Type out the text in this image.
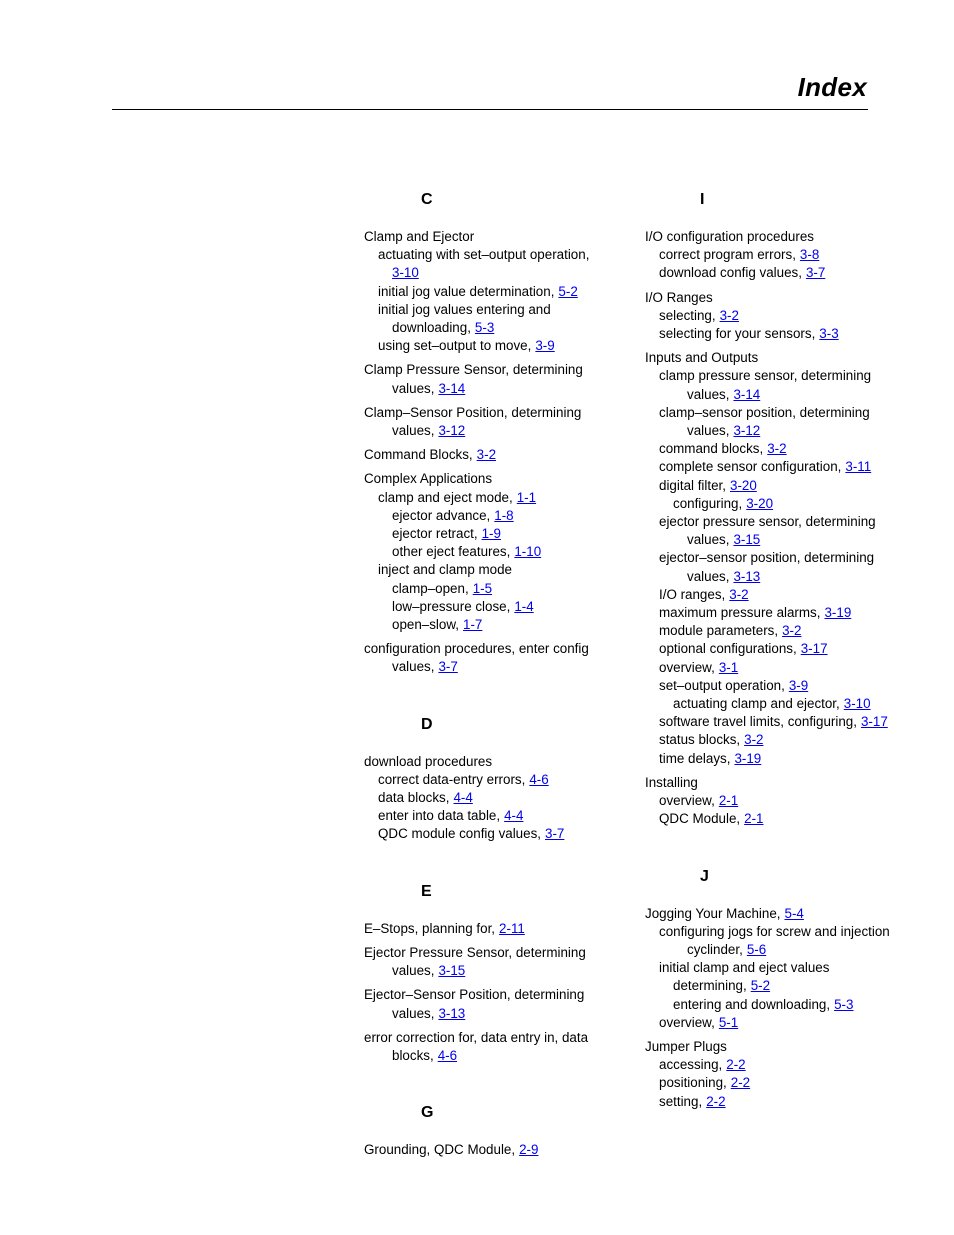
Index
C
Clamp and Ejector
actuating with set–output operation,
3-10
initial jog value determination, 5-2
initial jog values entering and
downloading, 5-3
using set–output to move, 3-9
Clamp Pressure Sensor, determining
values, 3-14
Clamp–Sensor Position, determining
values, 3-12
Command Blocks, 3-2
Complex Applications
clamp and eject mode, 1-1
ejector advance, 1-8
ejector retract, 1-9
other eject features, 1-10
inject and clamp mode
clamp–open, 1-5
low–pressure close, 1-4
open–slow, 1-7
configuration procedures, enter config
values, 3-7
D
download procedures
correct data-entry errors, 4-6
data blocks, 4-4
enter into data table, 4-4
QDC module config values, 3-7
E
E–Stops, planning for, 2-11
Ejector Pressure Sensor, determining
values, 3-15
Ejector–Sensor Position, determining
values, 3-13
error correction for, data entry in, data
blocks, 4-6
G
Grounding, QDC Module, 2-9
I
I/O configuration procedures
correct program errors, 3-8
download config values, 3-7
I/O Ranges
selecting, 3-2
selecting for your sensors, 3-3
Inputs and Outputs
clamp pressure sensor, determining
values, 3-14
clamp–sensor position, determining
values, 3-12
command blocks, 3-2
complete sensor configuration, 3-11
digital filter, 3-20
configuring, 3-20
ejector pressure sensor, determining
values, 3-15
ejector–sensor position, determining
values, 3-13
I/O ranges, 3-2
maximum pressure alarms, 3-19
module parameters, 3-2
optional configurations, 3-17
overview, 3-1
set–output operation, 3-9
actuating clamp and ejector, 3-10
software travel limits, configuring, 3-17
status blocks, 3-2
time delays, 3-19
Installing
overview, 2-1
QDC Module, 2-1
J
Jogging Your Machine, 5-4
configuring jogs for screw and injection
cyclinder, 5-6
initial clamp and eject values
determining, 5-2
entering and downloading, 5-3
overview, 5-1
Jumper Plugs
accessing, 2-2
positioning, 2-2
setting, 2-2
